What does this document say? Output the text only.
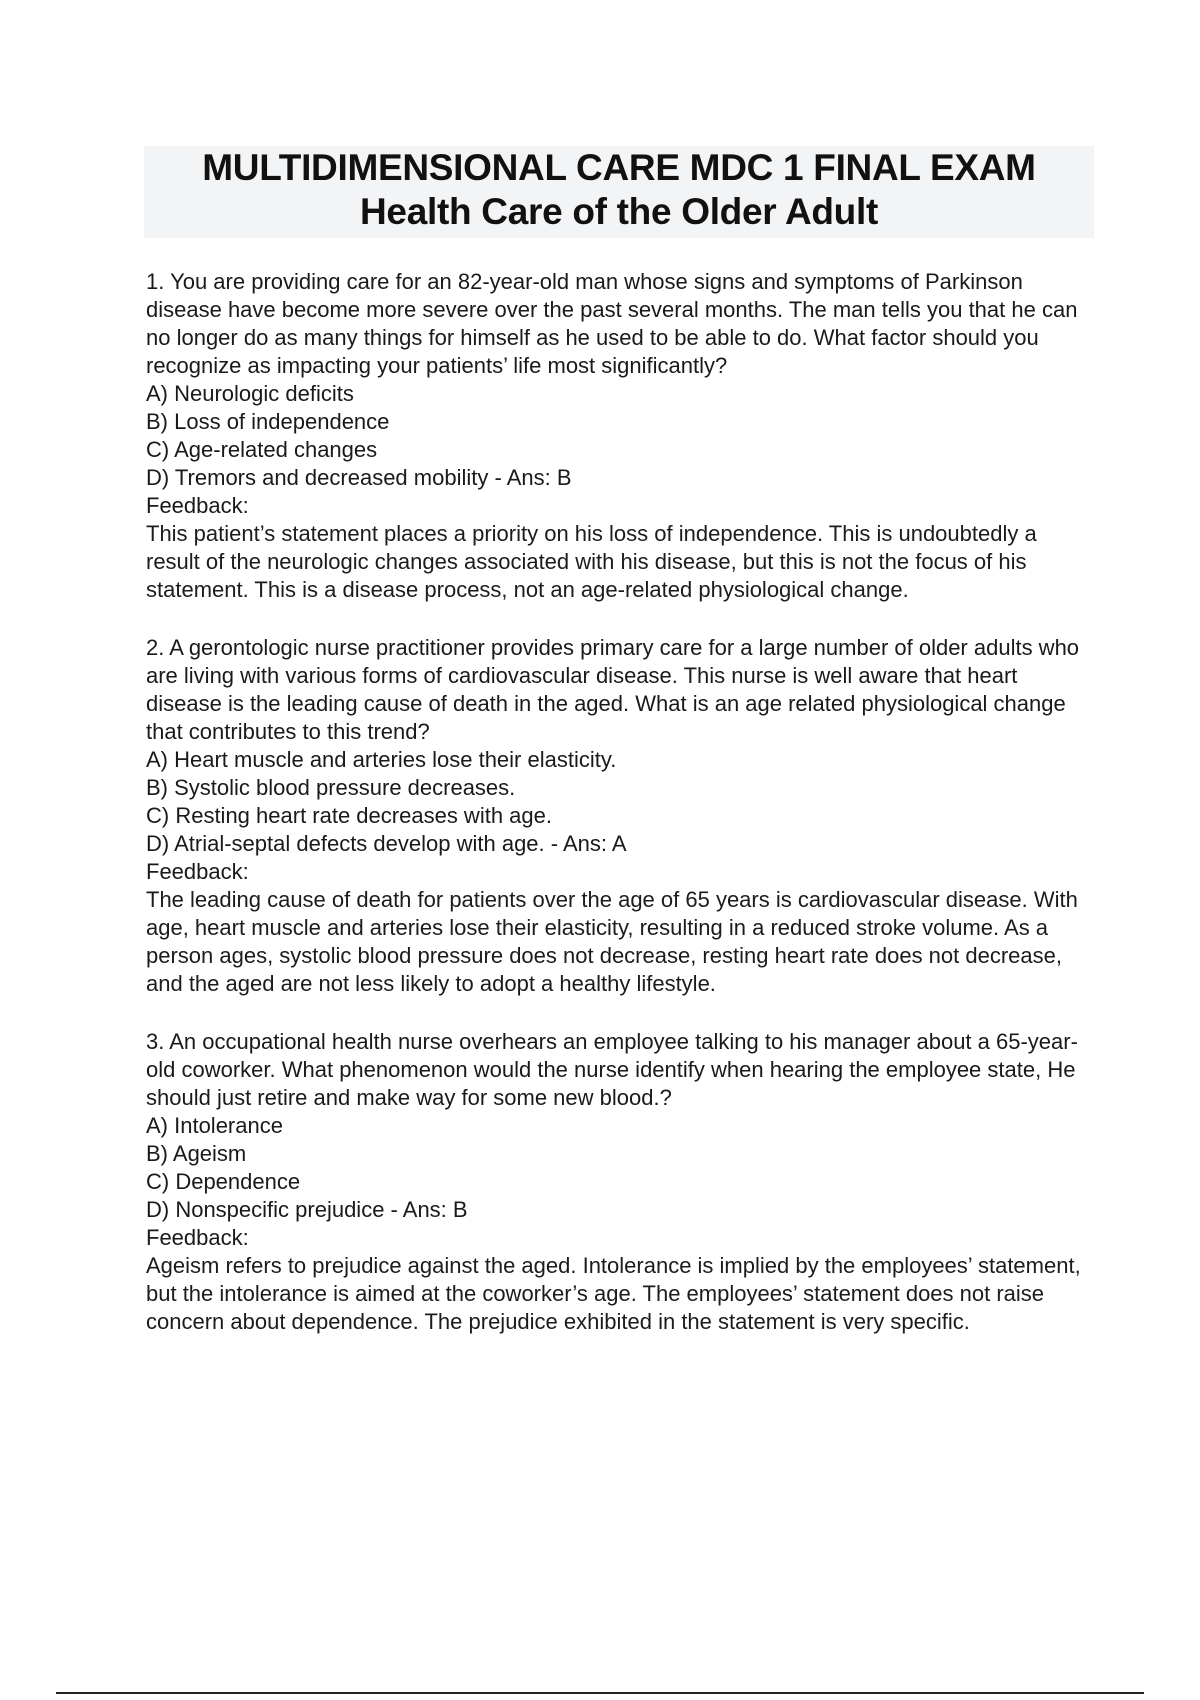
MULTIDIMENSIONAL CARE MDC 1 FINAL EXAM
Health Care of the Older Adult

1. You are providing care for an 82-year-old man whose signs and symptoms of Parkinson disease have become more severe over the past several months. The man tells you that he can no longer do as many things for himself as he used to be able to do. What factor should you recognize as impacting your patients’ life most significantly?

A) Neurologic deficits

B) Loss of independence

C) Age-related changes

D) Tremors and decreased mobility - Ans: B

Feedback:

This patient’s statement places a priority on his loss of independence. This is undoubtedly a result of the neurologic changes associated with his disease, but this is not the focus of his statement. This is a disease process, not an age-related physiological change.

2. A gerontologic nurse practitioner provides primary care for a large number of older adults who are living with various forms of cardiovascular disease. This nurse is well aware that heart disease is the leading cause of death in the aged. What is an age related physiological change that contributes to this trend?

A) Heart muscle and arteries lose their elasticity.

B) Systolic blood pressure decreases.

C) Resting heart rate decreases with age.

D) Atrial-septal defects develop with age. - Ans: A

Feedback:

The leading cause of death for patients over the age of 65 years is cardiovascular disease. With age, heart muscle and arteries lose their elasticity, resulting in a reduced stroke volume. As a person ages, systolic blood pressure does not decrease, resting heart rate does not decrease, and the aged are not less likely to adopt a healthy lifestyle.

3. An occupational health nurse overhears an employee talking to his manager about a 65-year-old coworker. What phenomenon would the nurse identify when hearing the employee state, He should just retire and make way for some new blood.?

A) Intolerance

B) Ageism

C) Dependence

D) Nonspecific prejudice - Ans: B

Feedback:

Ageism refers to prejudice against the aged. Intolerance is implied by the employees’ statement, but the intolerance is aimed at the coworker’s age. The employees’ statement does not raise concern about dependence. The prejudice exhibited in the statement is very specific.
